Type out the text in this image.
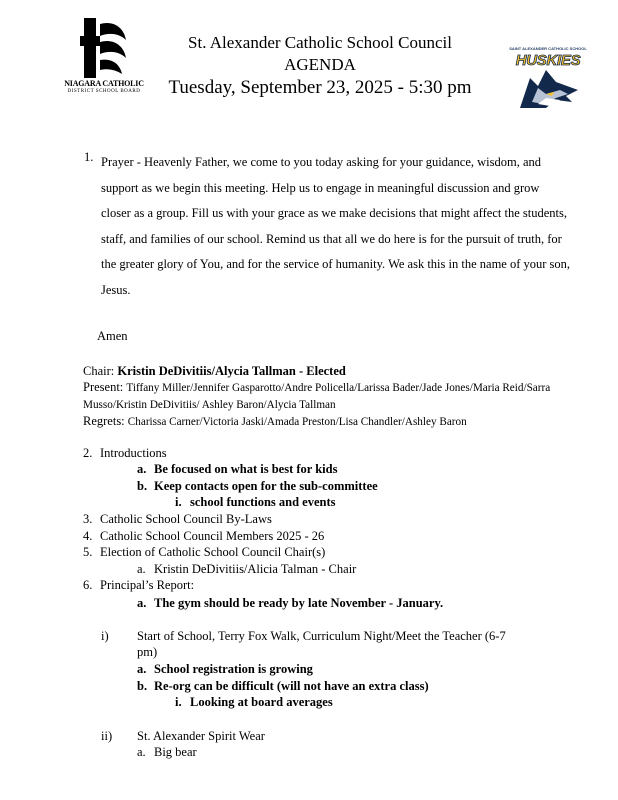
NIAGARA CATHOLIC
DISTRICT SCHOOL BOARD
St. Alexander Catholic School Council
AGENDA
Tuesday, September 23, 2025 - 5:30 pm
SAINT ALEXANDER CATHOLIC SCHOOL
HUSKIES
1. Prayer - Heavenly Father, we come to you today asking for your guidance, wisdom, and support as we begin this meeting. Help us to engage in meaningful discussion and grow closer as a group. Fill us with your grace as we make decisions that might affect the students, staff, and families of our school. Remind us that all we do here is for the pursuit of truth, for the greater glory of You, and for the service of humanity. We ask this in the name of your son, Jesus.
Amen
Chair: Kristin DeDivitiis/Alycia Tallman - Elected
Present: Tiffany Miller/Jennifer Gasparotto/Andre Policella/Larissa Bader/Jade Jones/Maria Reid/Sarra Musso/Kristin DeDivitiis/ Ashley Baron/Alycia Tallman
Regrets: Charissa Carner/Victoria Jaski/Amada Preston/Lisa Chandler/Ashley Baron
2. Introductions
a. Be focused on what is best for kids
b. Keep contacts open for the sub-committee
i. school functions and events
3. Catholic School Council By-Laws
4. Catholic School Council Members 2025 - 26
5. Election of Catholic School Council Chair(s)
a. Kristin DeDivitiis/Alicia Talman - Chair
6. Principal’s Report:
a. The gym should be ready by late November - January.
i) Start of School, Terry Fox Walk, Curriculum Night/Meet the Teacher (6-7
pm)
a. School registration is growing
b. Re-org can be difficult (will not have an extra class)
i. Looking at board averages
ii) St. Alexander Spirit Wear
a. Big bear
